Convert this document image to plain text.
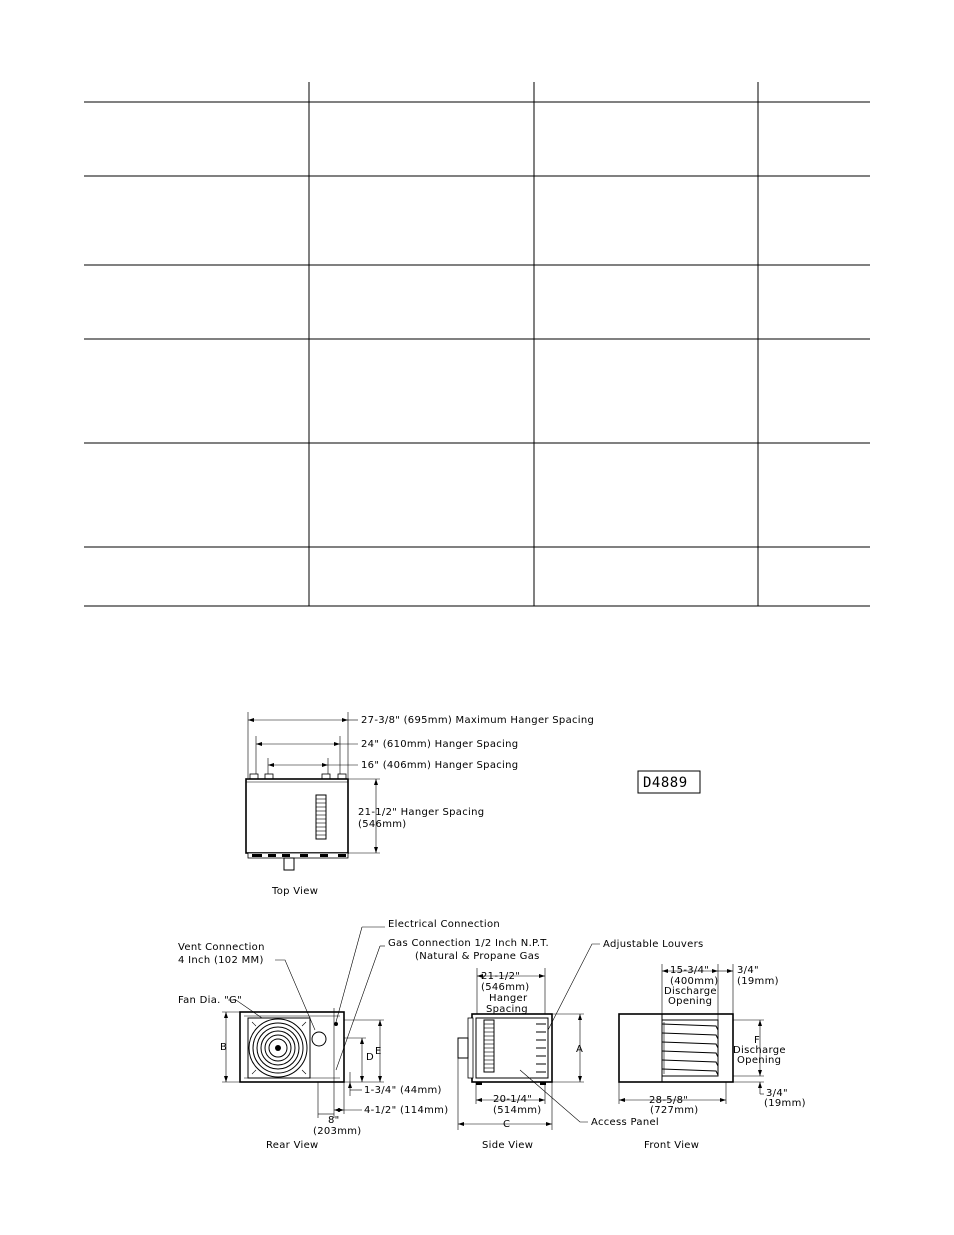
27-3/8" (695mm) Maximum Hanger Spacing
24" (610mm) Hanger Spacing
16" (406mm) Hanger Spacing
21-1/2" Hanger Spacing
(546mm)
Top View
D4889
Electrical Connection
Gas Connection 1/2 Inch N.P.T.
(Natural & Propane Gas
Vent Connection
4 Inch (102 MM)
Fan Dia. "G"
B	E
D
1-3/4" (44mm)
4-1/2" (114mm)
8"
(203mm)
Rear View
21-1/2"
(546mm)
Hanger
Spacing
Adjustable Louvers
A
20-1/4"
(514mm)
C	Access Panel
Side View
15-3/4"
(400mm)
Discharge
Opening
3/4"
(19mm)
F
Discharge
Opening
3/4"
(19mm)
28-5/8"
(727mm)
Front View
